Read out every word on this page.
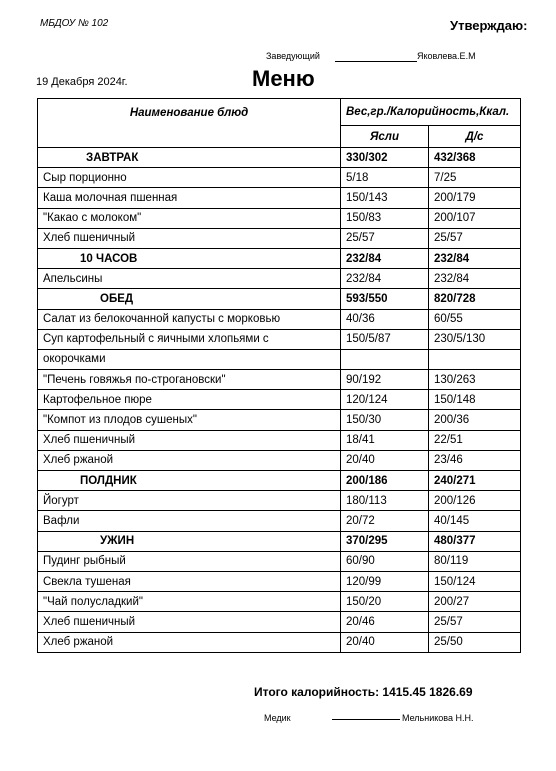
МБДОУ № 102	Утверждаю:
Заведующий	Яковлева.Е.М
19 Декабря 2024г.	Меню
Наименование блюд	Вес,гр./Калорийность,Ккал.	
	Ясли	Д/с
ЗАВТРАК	330/302	432/368
Сыр порционно	5/18	7/25
Каша молочная пшенная	150/143	200/179
"Какао с молоком"	150/83	200/107
Хлеб пшеничный	25/57	25/57
10 ЧАСОВ	232/84	232/84
Апельсины	232/84	232/84
ОБЕД	593/550	820/728
Салат из белокочанной капусты с морковью	40/36	60/55
Суп картофельный с яичными хлопьями с	150/5/87	230/5/130
окорочками		
"Печень говяжья по-строгановски"	90/192	130/263
Картофельное пюре	120/124	150/148
"Компот из плодов сушеных"	150/30	200/36
Хлеб пшеничный	18/41	22/51
Хлеб ржаной	20/40	23/46
ПОЛДНИК	200/186	240/271
Йогурт	180/113	200/126
Вафли	20/72	40/145
УЖИН	370/295	480/377
Пудинг рыбный	60/90	80/119
Свекла тушеная	120/99	150/124
"Чай полусладкий"	150/20	200/27
Хлеб пшеничный	20/46	25/57
Хлеб ржаной	20/40	25/50
Итого калорийность: 1415.45 1826.69
Медик	Мельникова Н.Н.
